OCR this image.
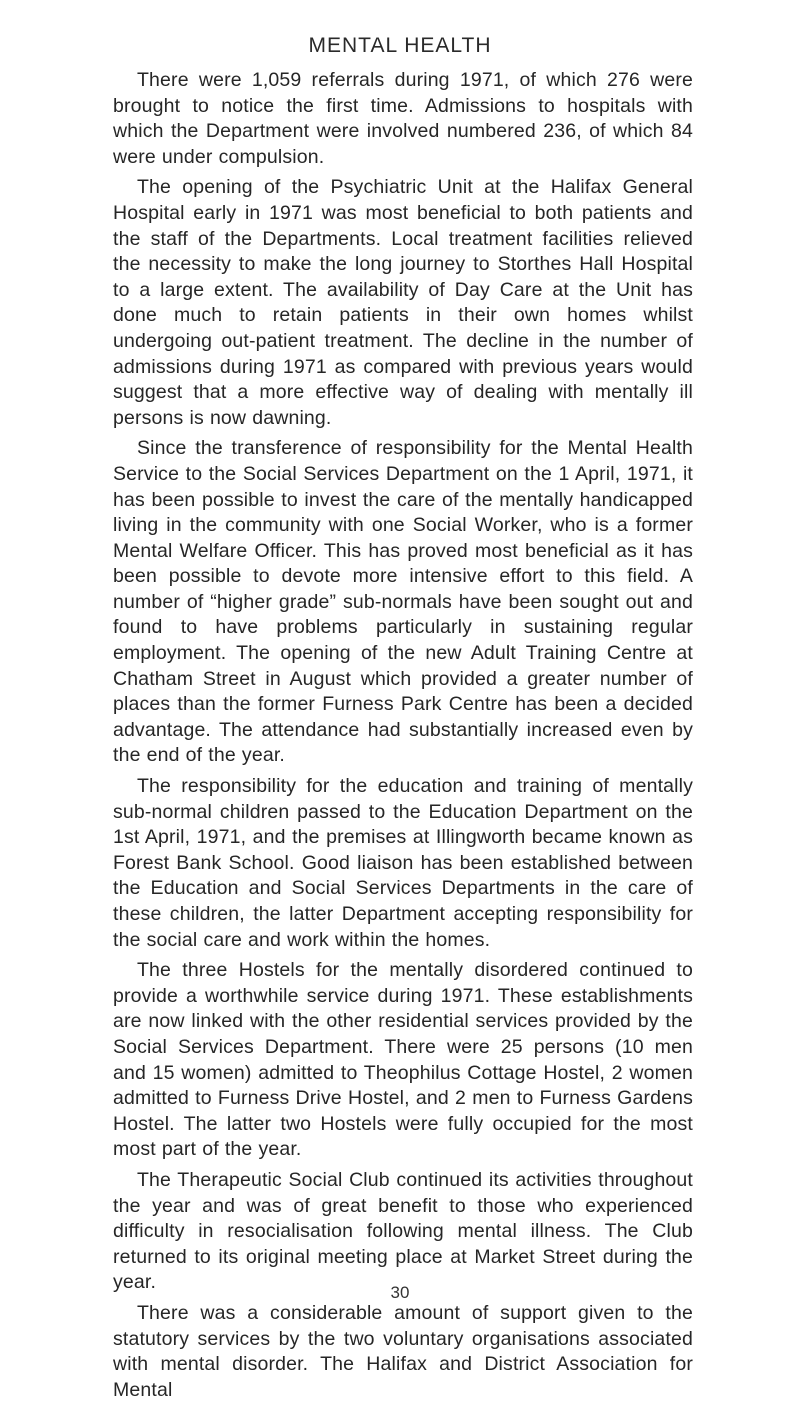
MENTAL HEALTH

There were 1,059 referrals during 1971, of which 276 were brought to notice the first time. Admissions to hospitals with which the Department were involved numbered 236, of which 84 were under compulsion.

The opening of the Psychiatric Unit at the Halifax General Hospital early in 1971 was most beneficial to both patients and the staff of the Departments. Local treatment facilities relieved the necessity to make the long journey to Storthes Hall Hospital to a large extent. The availability of Day Care at the Unit has done much to retain patients in their own homes whilst undergoing out-patient treatment. The decline in the number of admissions during 1971 as compared with previous years would suggest that a more effective way of dealing with mentally ill persons is now dawning.

Since the transference of responsibility for the Mental Health Service to the Social Services Department on the 1 April, 1971, it has been possible to invest the care of the mentally handicapped living in the community with one Social Worker, who is a former Mental Welfare Officer. This has proved most beneficial as it has been possible to devote more intensive effort to this field. A number of “higher grade” sub-normals have been sought out and found to have problems particularly in sustaining regular employment. The opening of the new Adult Training Centre at Chatham Street in August which provided a greater number of places than the former Furness Park Centre has been a decided advantage. The attendance had substantially increased even by the end of the year.

The responsibility for the education and training of mentally sub-normal children passed to the Education Department on the 1st April, 1971, and the premises at Illingworth became known as Forest Bank School. Good liaison has been established between the Education and Social Services Departments in the care of these children, the latter Department accepting responsibility for the social care and work within the homes.

The three Hostels for the mentally disordered continued to provide a worthwhile service during 1971. These establishments are now linked with the other residential services provided by the Social Services Department. There were 25 persons (10 men and 15 women) admitted to Theophilus Cottage Hostel, 2 women admitted to Furness Drive Hostel, and 2 men to Furness Gardens Hostel. The latter two Hostels were fully occupied for the most most part of the year.

The Therapeutic Social Club continued its activities throughout the year and was of great benefit to those who experienced difficulty in resocialisation following mental illness. The Club returned to its original meeting place at Market Street during the year.

There was a considerable amount of support given to the statutory services by the two voluntary organisations associated with mental disorder. The Halifax and District Association for Mental

30
